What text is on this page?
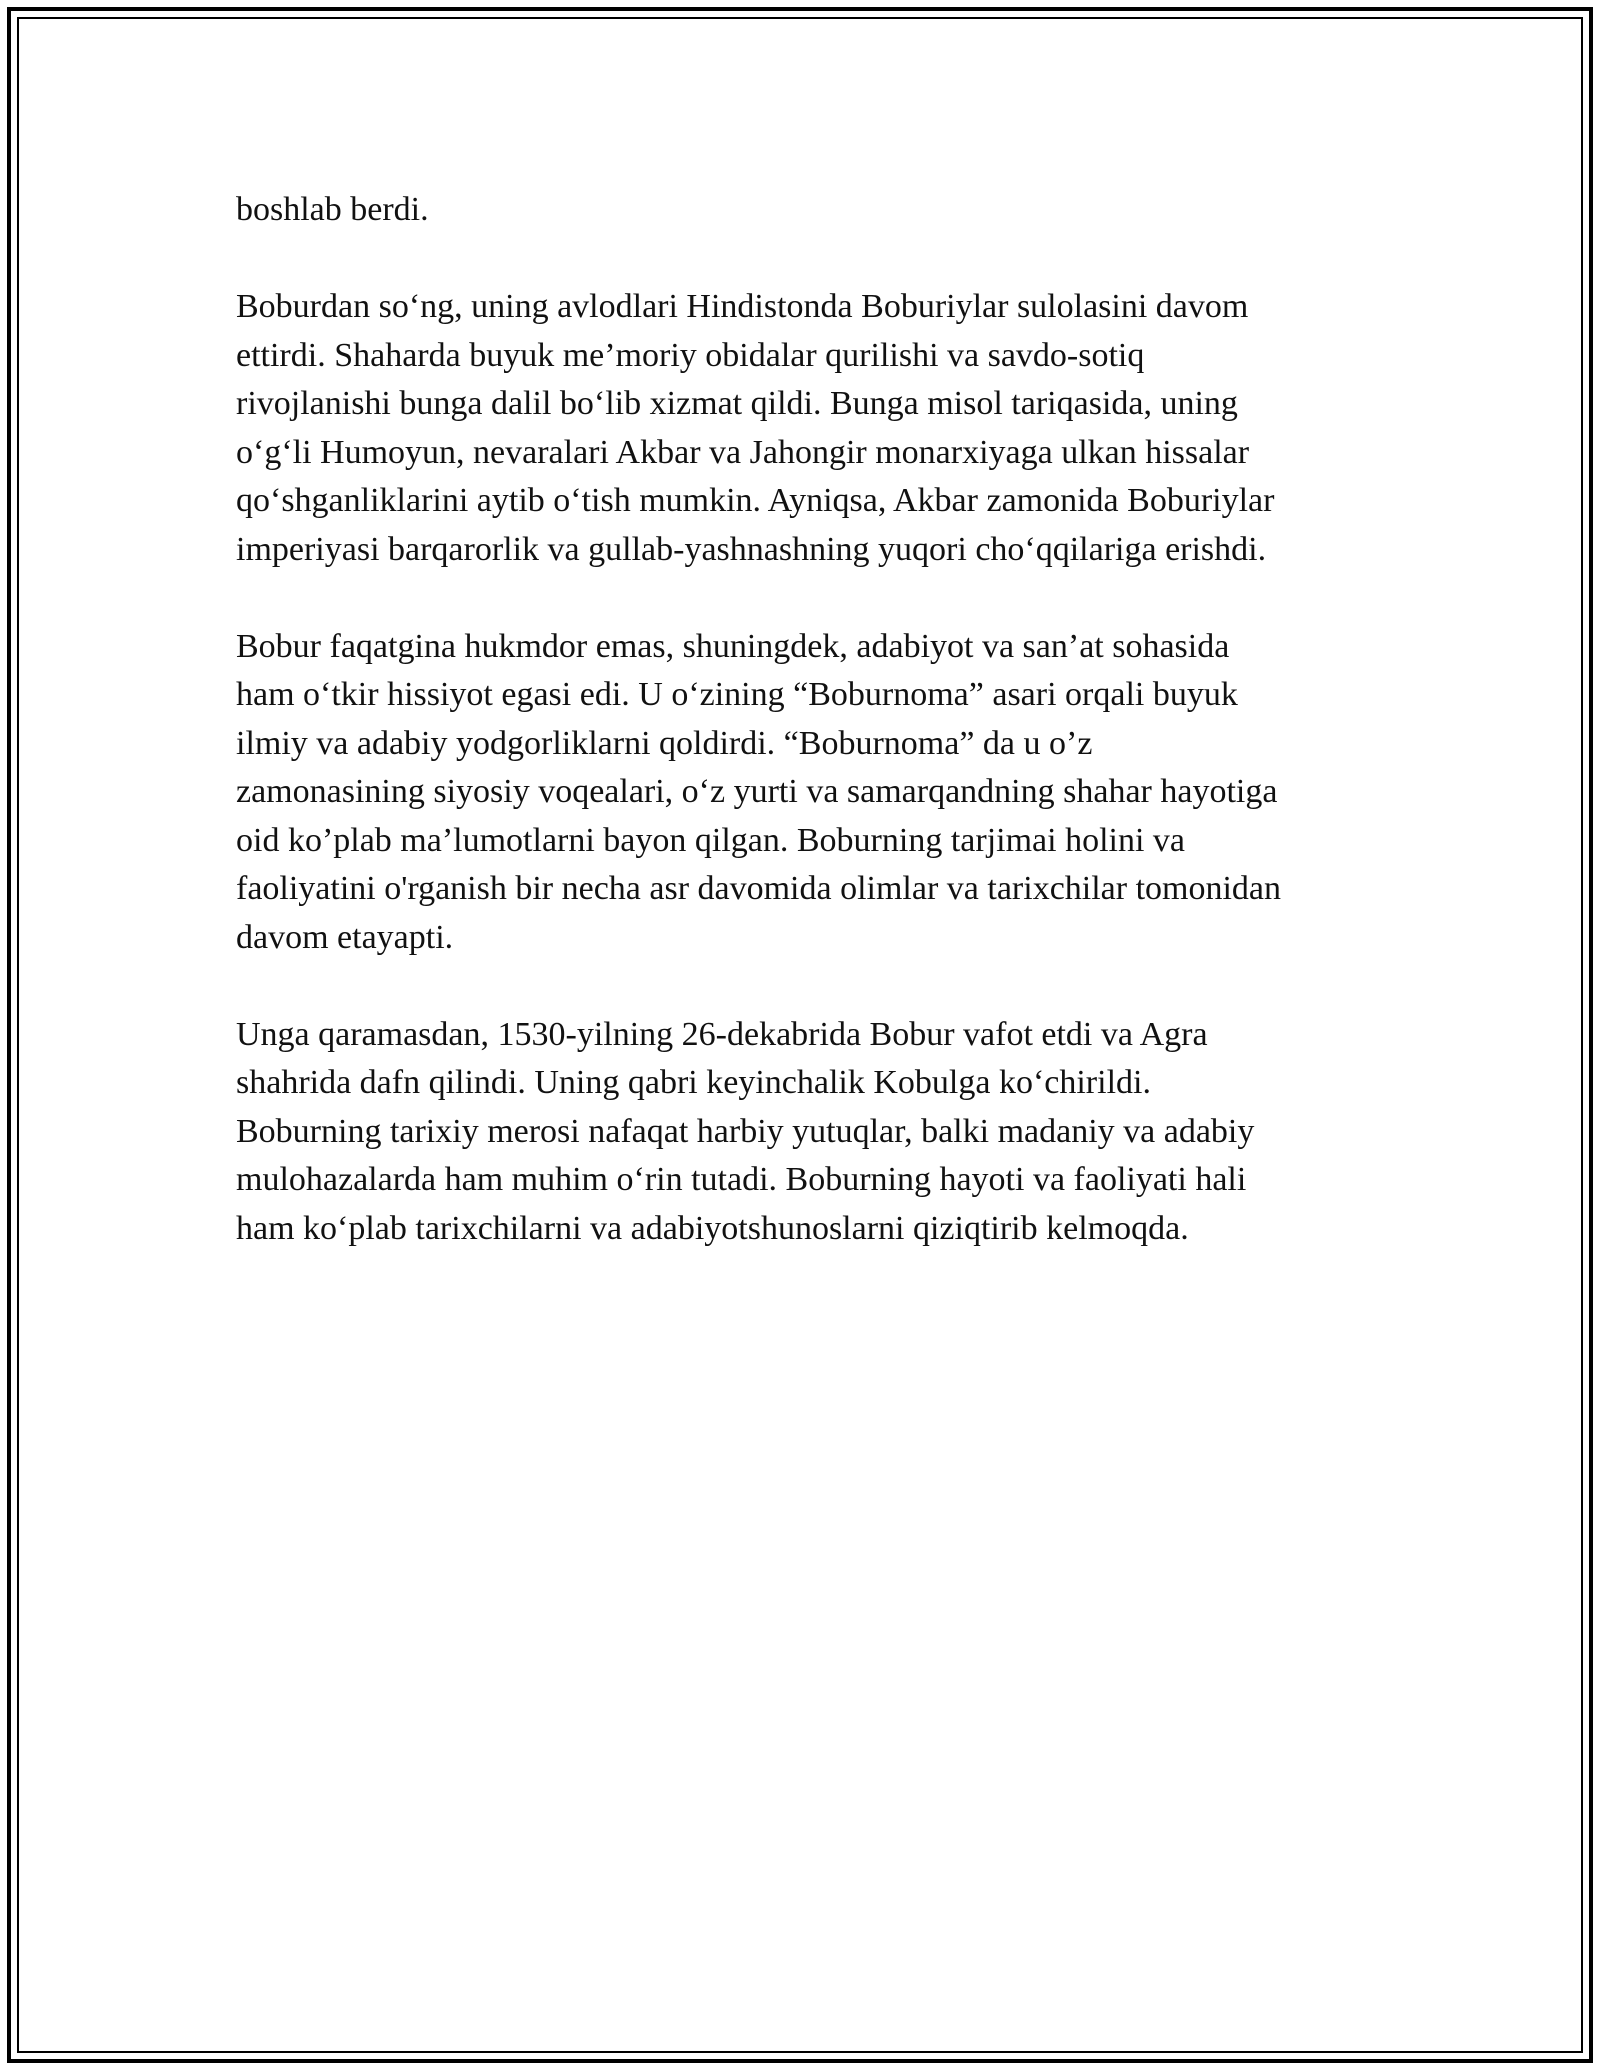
boshlab berdi.

Boburdan so‘ng, uning avlodlari Hindistonda Boburiylar sulolasini davom
ettirdi. Shaharda buyuk me’moriy obidalar qurilishi va savdo-sotiq
rivojlanishi bunga dalil bo‘lib xizmat qildi. Bunga misol tariqasida, uning
o‘g‘li Humoyun, nevaralari Akbar va Jahongir monarxiyaga ulkan hissalar
qo‘shganliklarini aytib o‘tish mumkin. Ayniqsa, Akbar zamonida Boburiylar
imperiyasi barqarorlik va gullab-yashnashning yuqori cho‘qqilariga erishdi.

Bobur faqatgina hukmdor emas, shuningdek, adabiyot va san’at sohasida
ham o‘tkir hissiyot egasi edi. U o‘zining “Boburnoma” asari orqali buyuk
ilmiy va adabiy yodgorliklarni qoldirdi. “Boburnoma” da u o’z
zamonasining siyosiy voqealari, o‘z yurti va samarqandning shahar hayotiga
oid ko’plab ma’lumotlarni bayon qilgan. Boburning tarjimai holini va
faoliyatini o'rganish bir necha asr davomida olimlar va tarixchilar tomonidan
davom etayapti.

Unga qaramasdan, 1530-yilning 26-dekabrida Bobur vafot etdi va Agra
shahrida dafn qilindi. Uning qabri keyinchalik Kobulga ko‘chirildi.
Boburning tarixiy merosi nafaqat harbiy yutuqlar, balki madaniy va adabiy
mulohazalarda ham muhim o‘rin tutadi. Boburning hayoti va faoliyati hali
ham ko‘plab tarixchilarni va adabiyotshunoslarni qiziqtirib kelmoqda.
